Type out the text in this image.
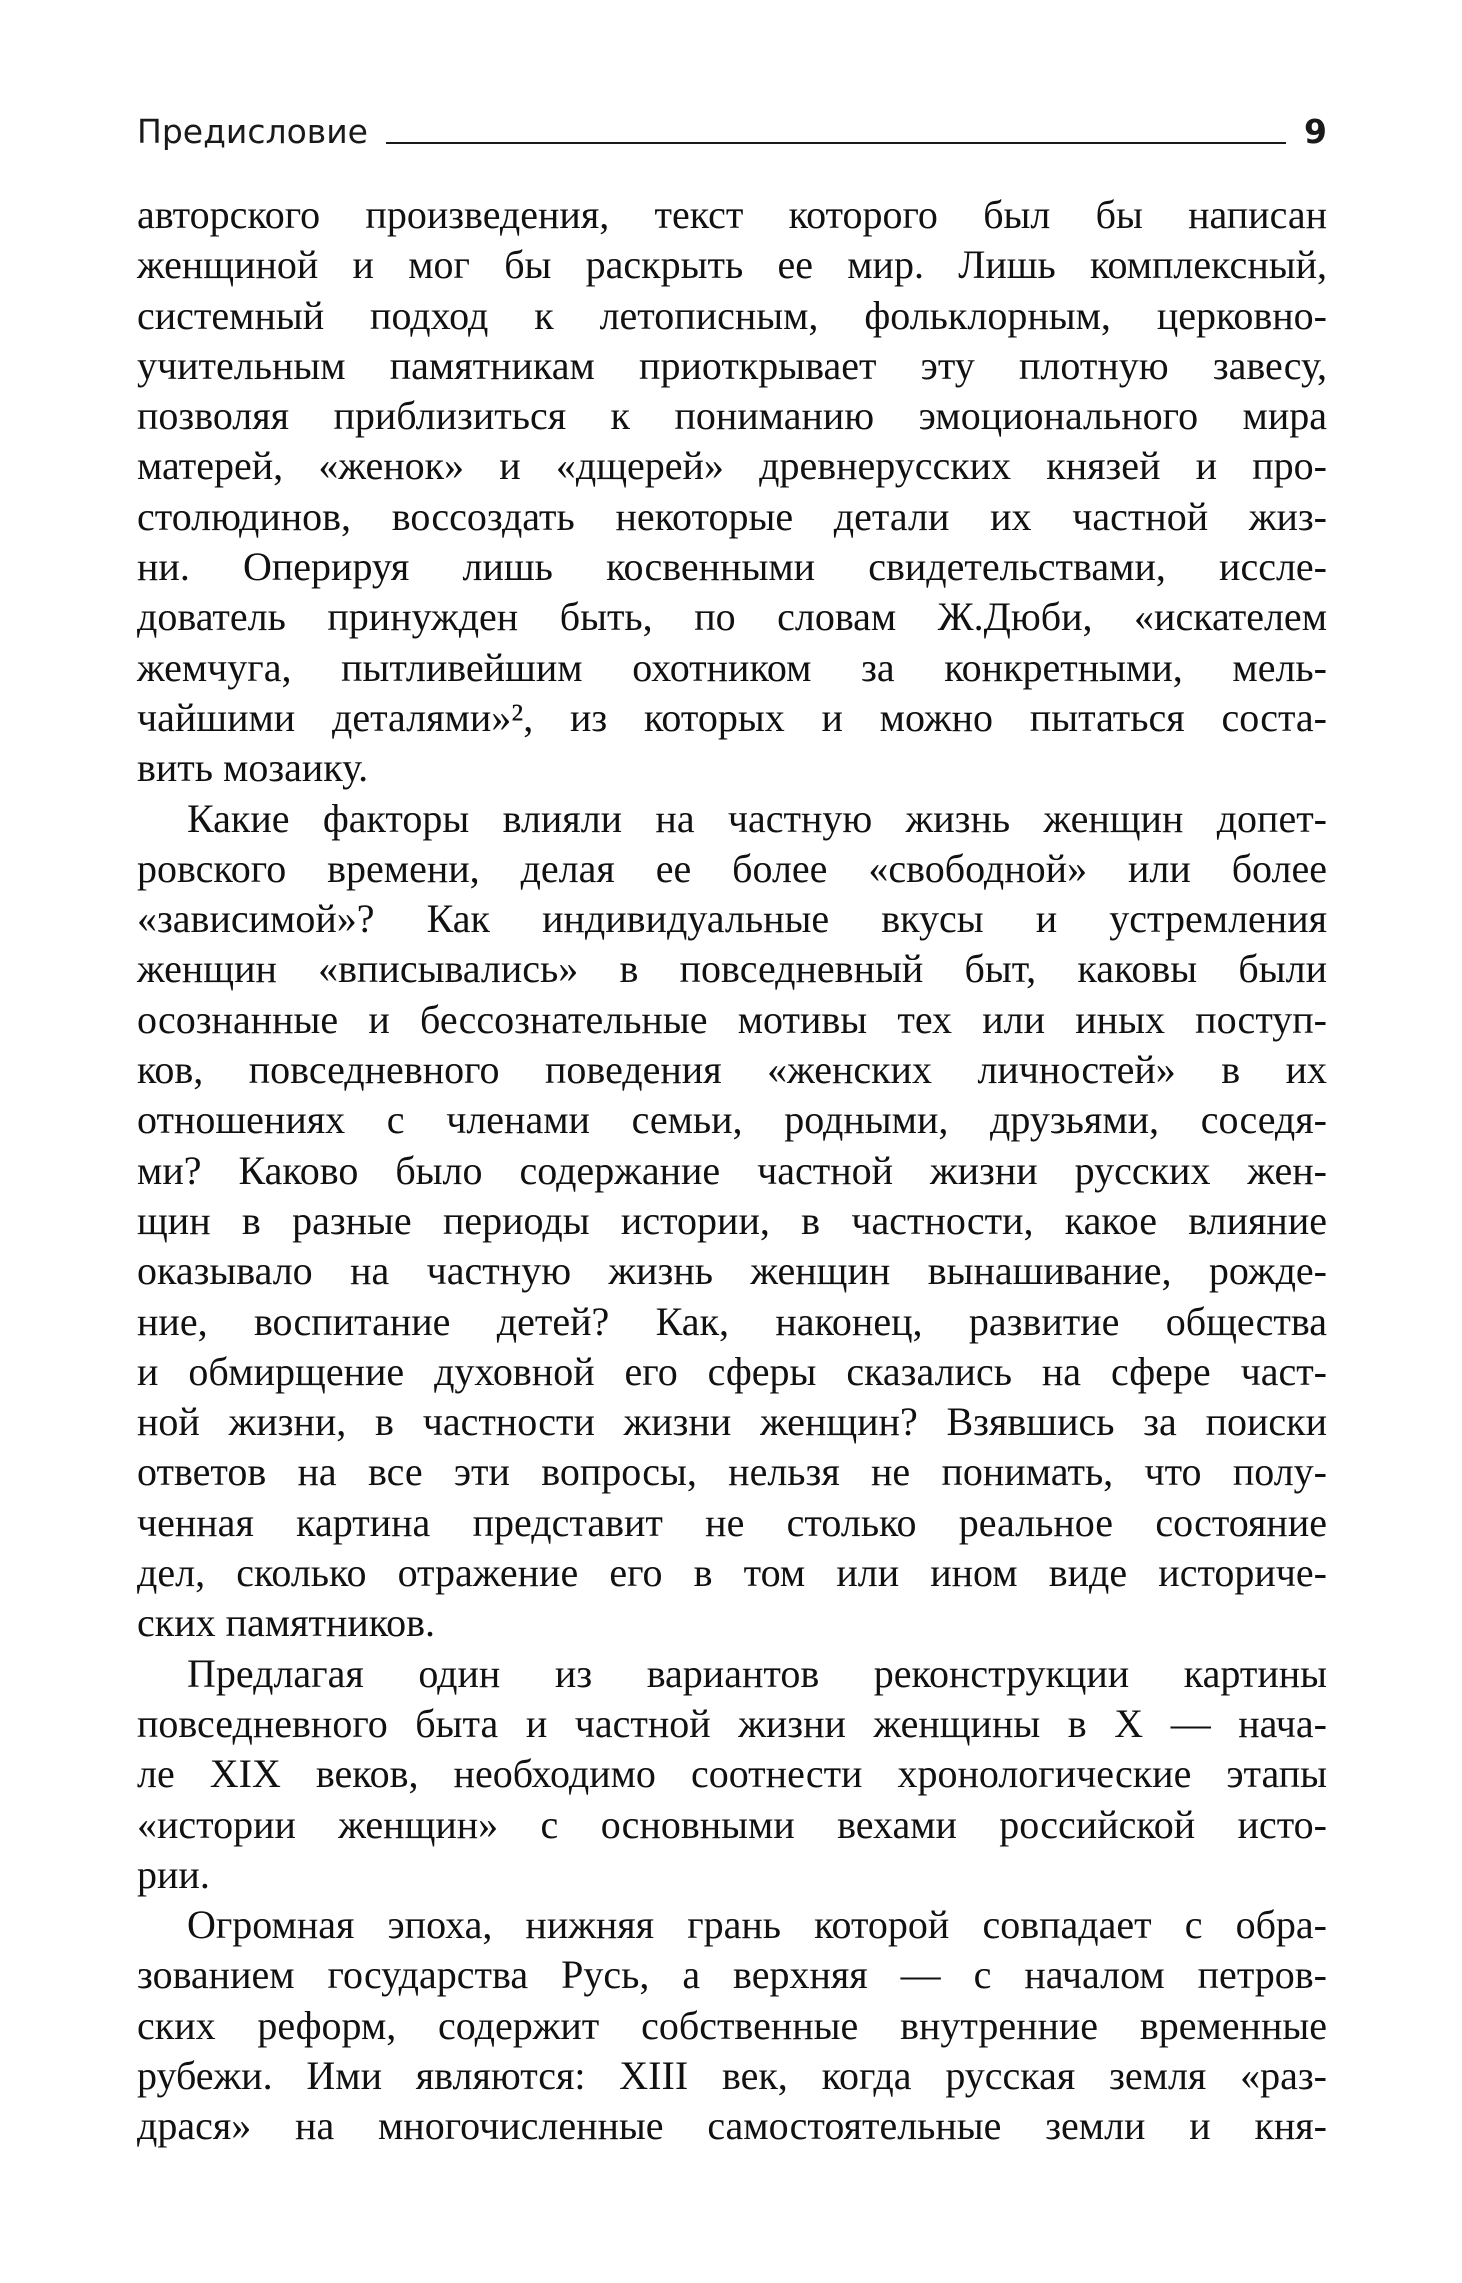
Предисловие	9
авторского произведения, текст которого был бы написан
женщиной и мог бы раскрыть ее мир. Лишь комплексный,
системный подход к летописным, фольклорным, церковно-
учительным памятникам приоткрывает эту плотную завесу,
позволяя приблизиться к пониманию эмоционального мира
матерей, «женок» и «дщерей» древнерусских князей и про-
столюдинов, воссоздать некоторые детали их частной жиз-
ни. Оперируя лишь косвенными свидетельствами, иссле-
дователь принужден быть, по словам Ж.Дюби, «искателем
жемчуга, пытливейшим охотником за конкретными, мель-
чайшими деталями»², из которых и можно пытаться соста-
вить мозаику.
Какие факторы влияли на частную жизнь женщин допет-
ровского времени, делая ее более «свободной» или более
«зависимой»? Как индивидуальные вкусы и устремления
женщин «вписывались» в повседневный быт, каковы были
осознанные и бессознательные мотивы тех или иных поступ-
ков, повседневного поведения «женских личностей» в их
отношениях с членами семьи, родными, друзьями, соседя-
ми? Каково было содержание частной жизни русских жен-
щин в разные периоды истории, в частности, какое влияние
оказывало на частную жизнь женщин вынашивание, рожде-
ние, воспитание детей? Как, наконец, развитие общества
и обмирщение духовной его сферы сказались на сфере част-
ной жизни, в частности жизни женщин? Взявшись за поиски
ответов на все эти вопросы, нельзя не понимать, что полу-
ченная картина представит не столько реальное состояние
дел, сколько отражение его в том или ином виде историче-
ских памятников.
Предлагая один из вариантов реконструкции картины
повседневного быта и частной жизни женщины в X — нача-
ле XIX веков, необходимо соотнести хронологические этапы
«истории женщин» с основными вехами российской исто-
рии.
Огромная эпоха, нижняя грань которой совпадает с обра-
зованием государства Русь, а верхняя — с началом петров-
ских реформ, содержит собственные внутренние временные
рубежи. Ими являются: XIII век, когда русская земля «раз-
драся» на многочисленные самостоятельные земли и кня-
